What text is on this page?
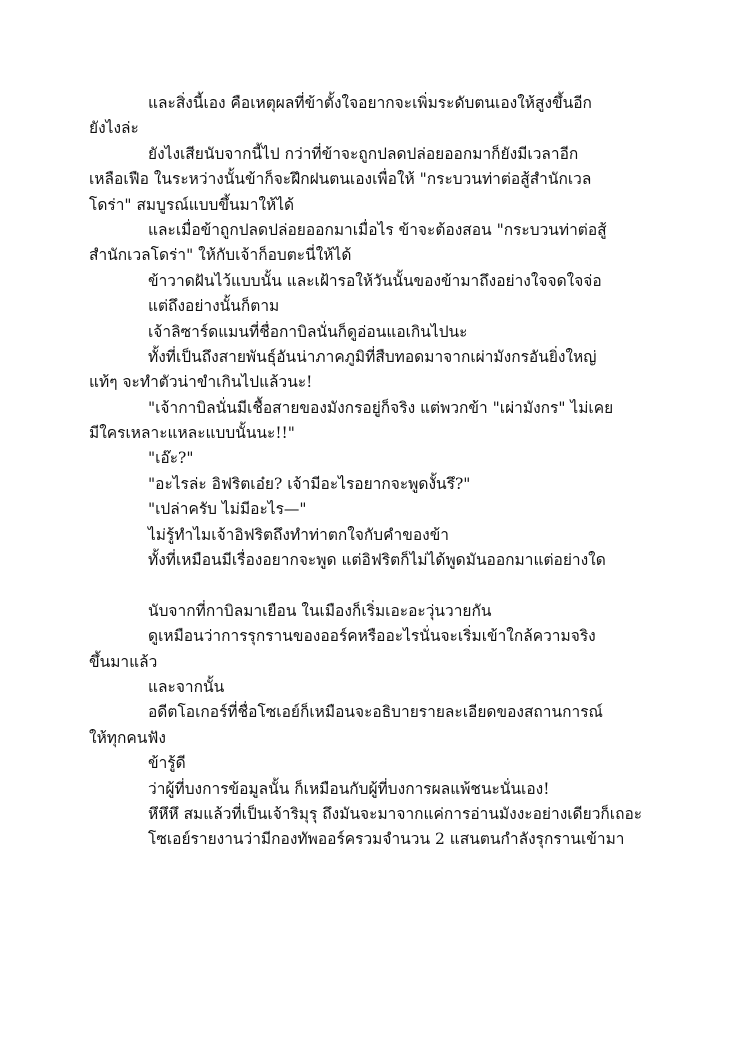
และสิ่งนี้เอง คือเหตุผลที่ข้าตั้งใจอยากจะเพิ่มระดับตนเองให้สูงขึ้นอีก
ยังไงล่ะ
ยังไงเสียนับจากนี้ไป กว่าที่ข้าจะถูกปลดปล่อยออกมาก็ยังมีเวลาอีก
เหลือเฟือ ในระหว่างนั้นข้าก็จะฝึกฝนตนเองเพื่อให้ "กระบวนท่าต่อสู้สำนักเวล
โดร่า" สมบูรณ์แบบขึ้นมาให้ได้
และเมื่อข้าถูกปลดปล่อยออกมาเมื่อไร ข้าจะต้องสอน "กระบวนท่าต่อสู้
สำนักเวลโดร่า" ให้กับเจ้าก็อบตะนี่ให้ได้
ข้าวาดฝันไว้แบบนั้น และเฝ้ารอให้วันนั้นของข้ามาถึงอย่างใจจดใจจ่อ
แต่ถึงอย่างนั้นก็ตาม
เจ้าลิซาร์ดแมนที่ชื่อกาบิลนั่นก็ดูอ่อนแอเกินไปนะ
ทั้งที่เป็นถึงสายพันธุ์อันน่าภาคภูมิที่สืบทอดมาจากเผ่ามังกรอันยิ่งใหญ่
แท้ๆ จะทำตัวน่าขำเกินไปแล้วนะ!
"เจ้ากาบิลนั่นมีเชื้อสายของมังกรอยู่ก็จริง แต่พวกข้า "เผ่ามังกร" ไม่เคย
มีใครเหลาะแหละแบบนั้นนะ!!"
"เอ๊ะ?"
"อะไรล่ะ อิฟริตเอ๋ย? เจ้ามีอะไรอยากจะพูดงั้นรึ?"
"เปล่าครับ ไม่มีอะไร—"
ไม่รู้ทำไมเจ้าอิฟริตถึงทำท่าตกใจกับคำของข้า
ทั้งที่เหมือนมีเรื่องอยากจะพูด แต่อิฟริตก็ไม่ได้พูดมันออกมาแต่อย่างใด
นับจากที่กาบิลมาเยือน ในเมืองก็เริ่มเอะอะวุ่นวายกัน
ดูเหมือนว่าการรุกรานของออร์คหรืออะไรนั่นจะเริ่มเข้าใกล้ความจริง
ขึ้นมาแล้ว
และจากนั้น
อดีตโอเกอร์ที่ชื่อโซเอย์ก็เหมือนจะอธิบายรายละเอียดของสถานการณ์
ให้ทุกคนฟัง
ข้ารู้ดี
ว่าผู้ที่บงการข้อมูลนั้น ก็เหมือนกับผู้ที่บงการผลแพ้ชนะนั่นเอง!
หึหึหึ สมแล้วที่เป็นเจ้าริมุรุ ถึงมันจะมาจากแค่การอ่านมังงะอย่างเดียวก็เถอะ
โซเอย์รายงานว่ามีกองทัพออร์ครวมจำนวน 2 แสนตนกำลังรุกรานเข้ามา
